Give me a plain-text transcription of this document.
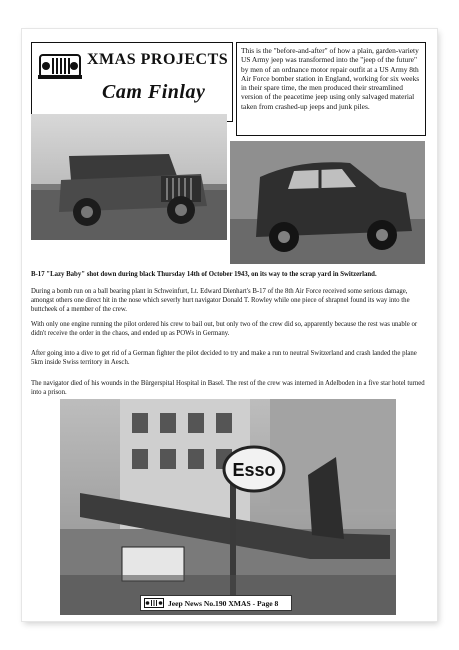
XMAS PROJECTS
Cam Finlay
This is the "before-and-after" of how a plain, garden-variety US Army jeep was transformed into the "jeep of the future" by men of an ordnance motor repair outfit at a US Army 8th Air Force bomber station in England, working for six weeks in their spare time, the men produced their streamlined version of the peacetime jeep using only salvaged material taken from crashed-up jeeps and junk piles.
B-17 "Lazy Baby" shot down during black Thursday 14th of October 1943, on its way to the scrap yard in Switzerland.
During a bomb run on a ball bearing plant in Schweinfurt, Lt. Edward Dienhart's B-17 of the 8th Air Force received some serious damage, amongst others one direct hit in the nose which severly hurt navigator Donald T. Rowley while one piece of shrapnel found its way into the buttcheek of a member of the crew.
With only one engine running the pilot ordered his crew to bail out, but only two of the crew did so, apparently because the rest was unable or didn't receive the order in the chaos, and ended up as POWs in Germany.
After going into a dive to get rid of a German fighter the pilot decided to try and make a run to neutral Switzerland and crash landed the plane 5km inside Swiss territory in Aesch.
The navigator died of his wounds in the Bürgerspital Hospital in Basel. The rest of the crew was interned in Adelboden in a five star hotel turned into a prison.
Esso
Jeep News No.190 XMAS - Page 8
